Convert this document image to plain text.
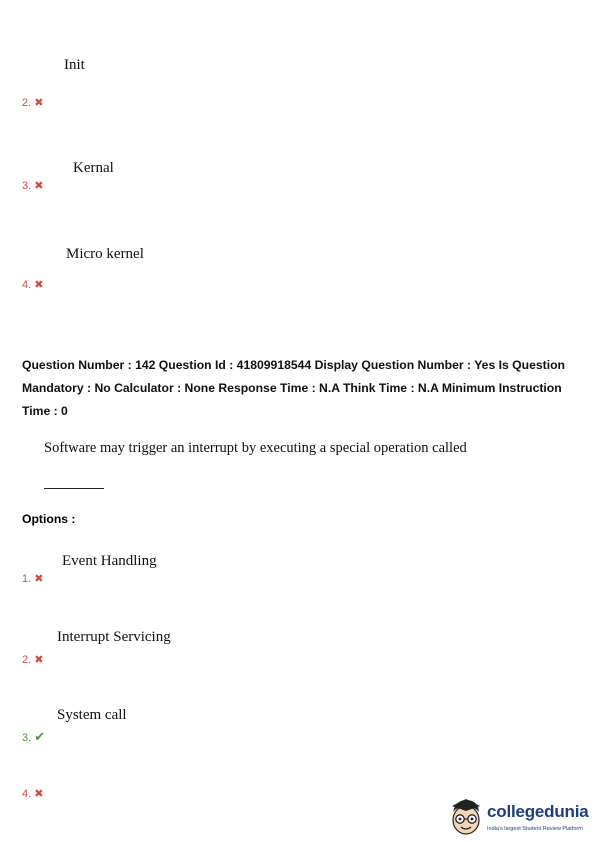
Init
2. ✖
Kernal
3. ✖
Micro kernel
4. ✖
Question Number : 142 Question Id : 41809918544 Display Question Number : Yes Is Question Mandatory : No Calculator : None Response Time : N.A Think Time : N.A Minimum Instruction Time : 0
Software may trigger an interrupt by executing a special operation called
Options :
Event Handling
1. ✖
Interrupt Servicing
2. ✖
System call
3. ✔
4. ✖
collegedunia
India's largest Student Review Platform
